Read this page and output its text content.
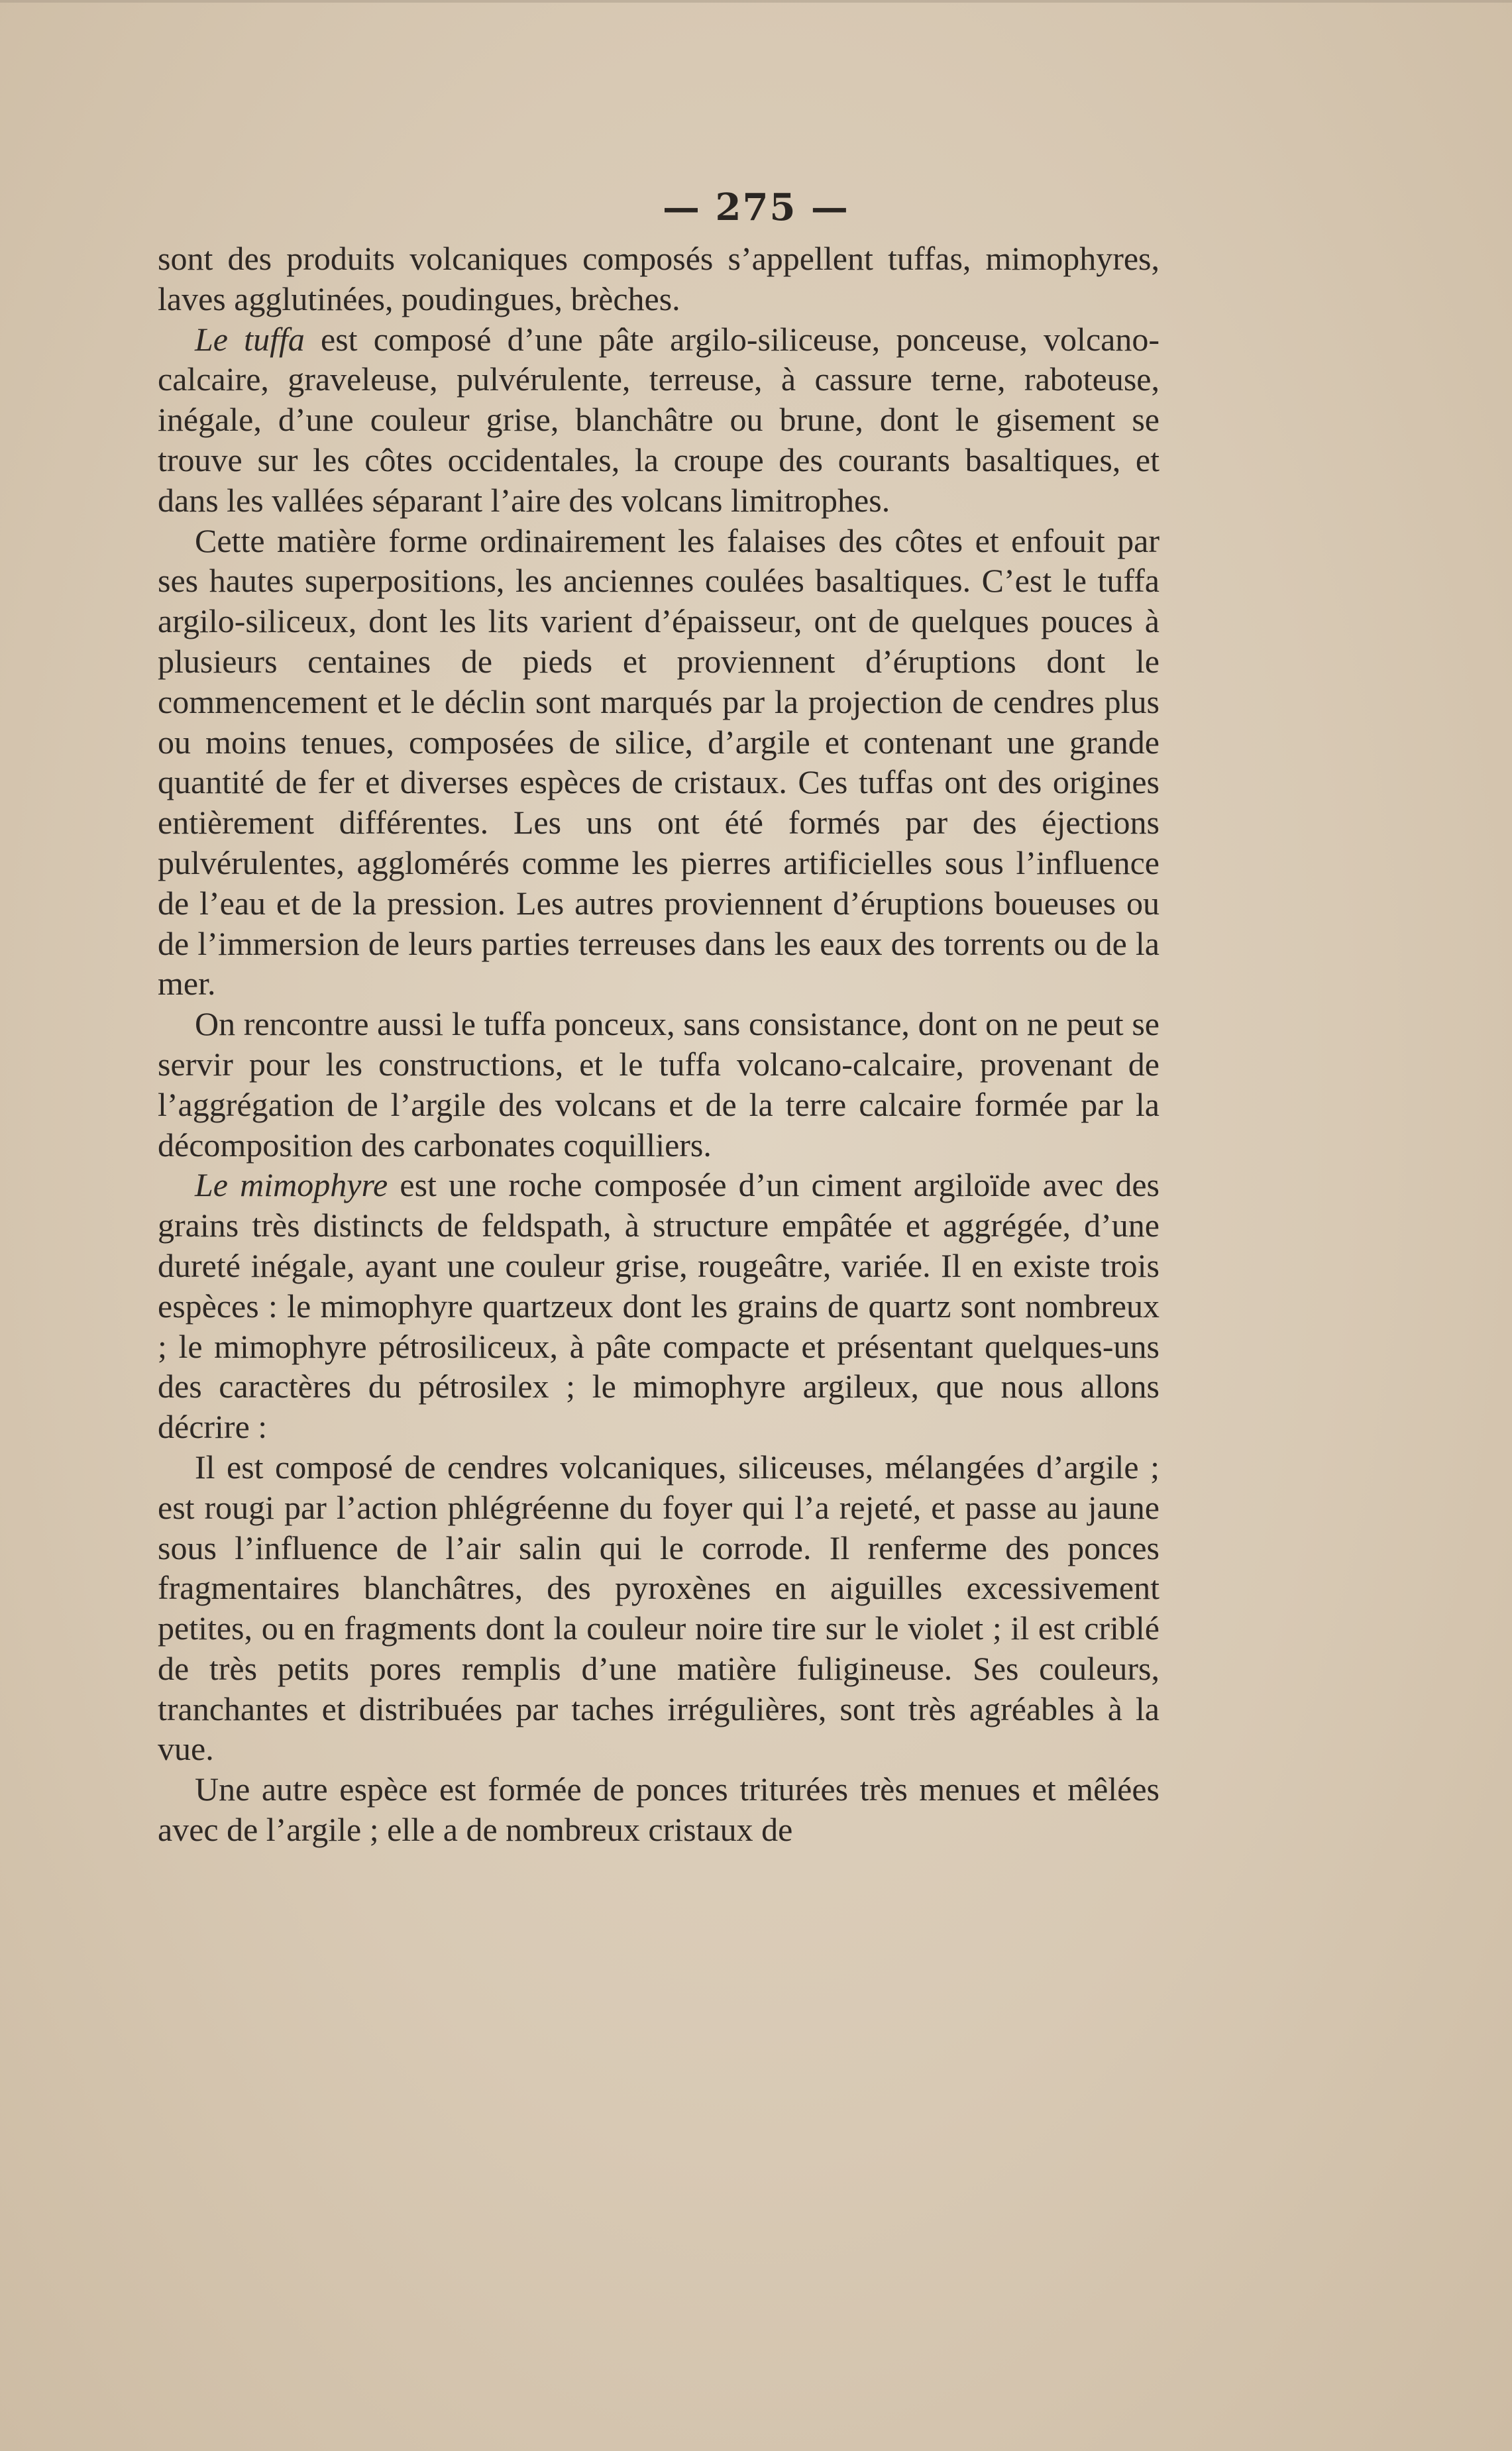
— 275 —

sont des produits volcaniques composés s’appellent tuffas, mimophyres, laves agglutinées, poudingues, brèches.

Le tuffa est composé d’une pâte argilo-siliceuse, ponceuse, volcano-calcaire, graveleuse, pulvérulente, terreuse, à cassure terne, raboteuse, inégale, d’une couleur grise, blanchâtre ou brune, dont le gisement se trouve sur les côtes occidentales, la croupe des courants basaltiques, et dans les vallées séparant l’aire des volcans limitrophes.

Cette matière forme ordinairement les falaises des côtes et enfouit par ses hautes superpositions, les anciennes coulées basaltiques. C’est le tuffa argilo-siliceux, dont les lits varient d’épaisseur, ont de quelques pouces à plusieurs centaines de pieds et proviennent d’éruptions dont le commencement et le déclin sont marqués par la projection de cendres plus ou moins tenues, composées de silice, d’argile et contenant une grande quantité de fer et diverses espèces de cristaux. Ces tuffas ont des origines entièrement différentes. Les uns ont été formés par des éjections pulvérulentes, agglomérés comme les pierres artificielles sous l’influence de l’eau et de la pression. Les autres proviennent d’éruptions boueuses ou de l’immersion de leurs parties terreuses dans les eaux des torrents ou de la mer.

On rencontre aussi le tuffa ponceux, sans consistance, dont on ne peut se servir pour les constructions, et le tuffa volcano-calcaire, provenant de l’aggrégation de l’argile des volcans et de la terre calcaire formée par la décomposition des carbonates coquilliers.

Le mimophyre est une roche composée d’un ciment argiloïde avec des grains très distincts de feldspath, à structure empâtée et aggrégée, d’une dureté inégale, ayant une couleur grise, rougeâtre, variée. Il en existe trois espèces : le mimophyre quartzeux dont les grains de quartz sont nombreux ; le mimophyre pétrosiliceux, à pâte compacte et présentant quelques-uns des caractères du pétrosilex ; le mimophyre argileux, que nous allons décrire :

Il est composé de cendres volcaniques, siliceuses, mélangées d’argile ; est rougi par l’action phlégréenne du foyer qui l’a rejeté, et passe au jaune sous l’influence de l’air salin qui le corrode. Il renferme des ponces fragmentaires blanchâtres, des pyroxènes en aiguilles excessivement petites, ou en fragments dont la couleur noire tire sur le violet ; il est criblé de très petits pores remplis d’une matière fuligineuse. Ses couleurs, tranchantes et distribuées par taches irrégulières, sont très agréables à la vue.

Une autre espèce est formée de ponces triturées très menues et mêlées avec de l’argile ; elle a de nombreux cristaux de
